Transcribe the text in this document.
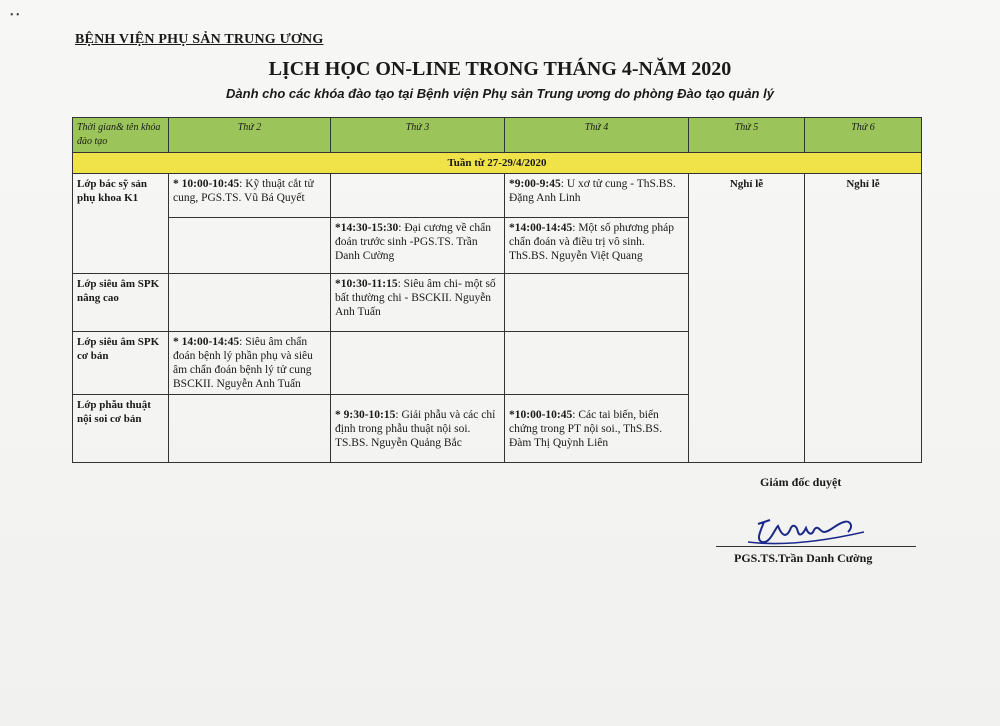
• •
BỆNH VIỆN PHỤ SẢN TRUNG ƯƠNG
LỊCH HỌC ON-LINE TRONG THÁNG 4-NĂM 2020
Dành cho các khóa đào tạo tại Bệnh viện Phụ sản Trung ương do phòng Đào tạo quản lý
Thời gian& tên khóa đào tạo	Thứ 2	Thứ 3	Thứ 4	Thứ 5	Thứ 6
Tuần từ 27-29/4/2020					
Lớp bác sỹ sản phụ khoa K1	* 10:00-10:45: Kỹ thuật cắt tử cung, PGS.TS. Vũ Bá Quyết		*9:00-9:45: U xơ tử cung - ThS.BS. Đặng Anh Linh	Nghỉ lễ	Nghỉ lễ
		*14:30-15:30: Đại cương về chẩn đoán trước sinh -PGS.TS. Trần Danh Cường	*14:00-14:45: Một số phương pháp chẩn đoán và điều trị vô sinh. ThS.BS. Nguyễn Việt Quang		
Lớp siêu âm SPK nâng cao		*10:30-11:15: Siêu âm chi- một số bất thường chi - BSCKII. Nguyễn Anh Tuấn			
Lớp siêu âm SPK cơ bản	* 14:00-14:45: Siêu âm chẩn đoán bệnh lý phần phụ và siêu âm chẩn đoán bệnh lý tử cung BSCKII. Nguyễn Anh Tuấn				
Lớp phẫu thuật nội soi cơ bản		* 9:30-10:15: Giải phẫu và các chỉ định trong phẫu thuật nội soi. TS.BS. Nguyễn Quảng Bắc	*10:00-10:45: Các tai biến, biến chứng trong PT nội soi., ThS.BS. Đàm Thị Quỳnh Liên		
Giám đốc duyệt
PGS.TS.Trần Danh Cường
